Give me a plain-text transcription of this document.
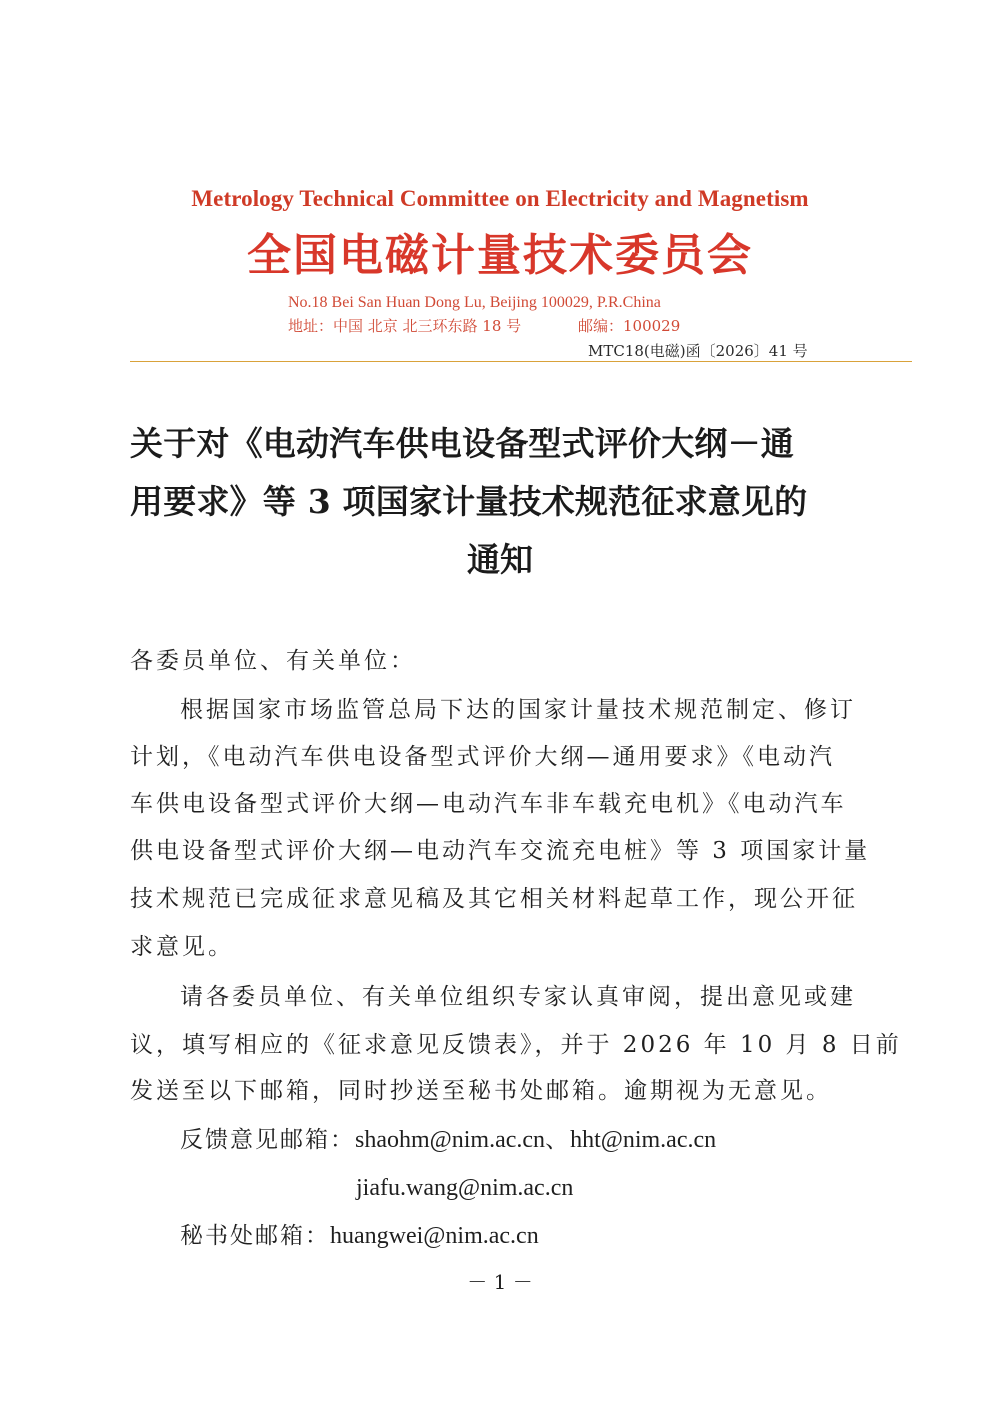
Metrology Technical Committee on Electricity and Magnetism
全国电磁计量技术委员会
No.18 Bei San Huan Dong Lu, Beijing 100029, P.R.China
地址：中国 北京 北三环东路 18 号	邮编：100029
MTC18(电磁)函〔2026〕41 号
关于对《电动汽车供电设备型式评价大纲－通
用要求》等 3 项国家计量技术规范征求意见的
通知
各委员单位、有关单位：
根据国家市场监管总局下达的国家计量技术规范制定、修订
计划，《电动汽车供电设备型式评价大纲—通用要求》《电动汽
车供电设备型式评价大纲—电动汽车非车载充电机》《电动汽车
供电设备型式评价大纲—电动汽车交流充电桩》等 3 项国家计量
技术规范已完成征求意见稿及其它相关材料起草工作，现公开征
求意见。
请各委员单位、有关单位组织专家认真审阅，提出意见或建
议，填写相应的《征求意见反馈表》，并于 2026 年 10 月 8 日前
发送至以下邮箱，同时抄送至秘书处邮箱。逾期视为无意见。
反馈意见邮箱：shaohm@nim.ac.cn、hht@nim.ac.cn
jiafu.wang@nim.ac.cn
秘书处邮箱：huangwei@nim.ac.cn
－ 1 －
